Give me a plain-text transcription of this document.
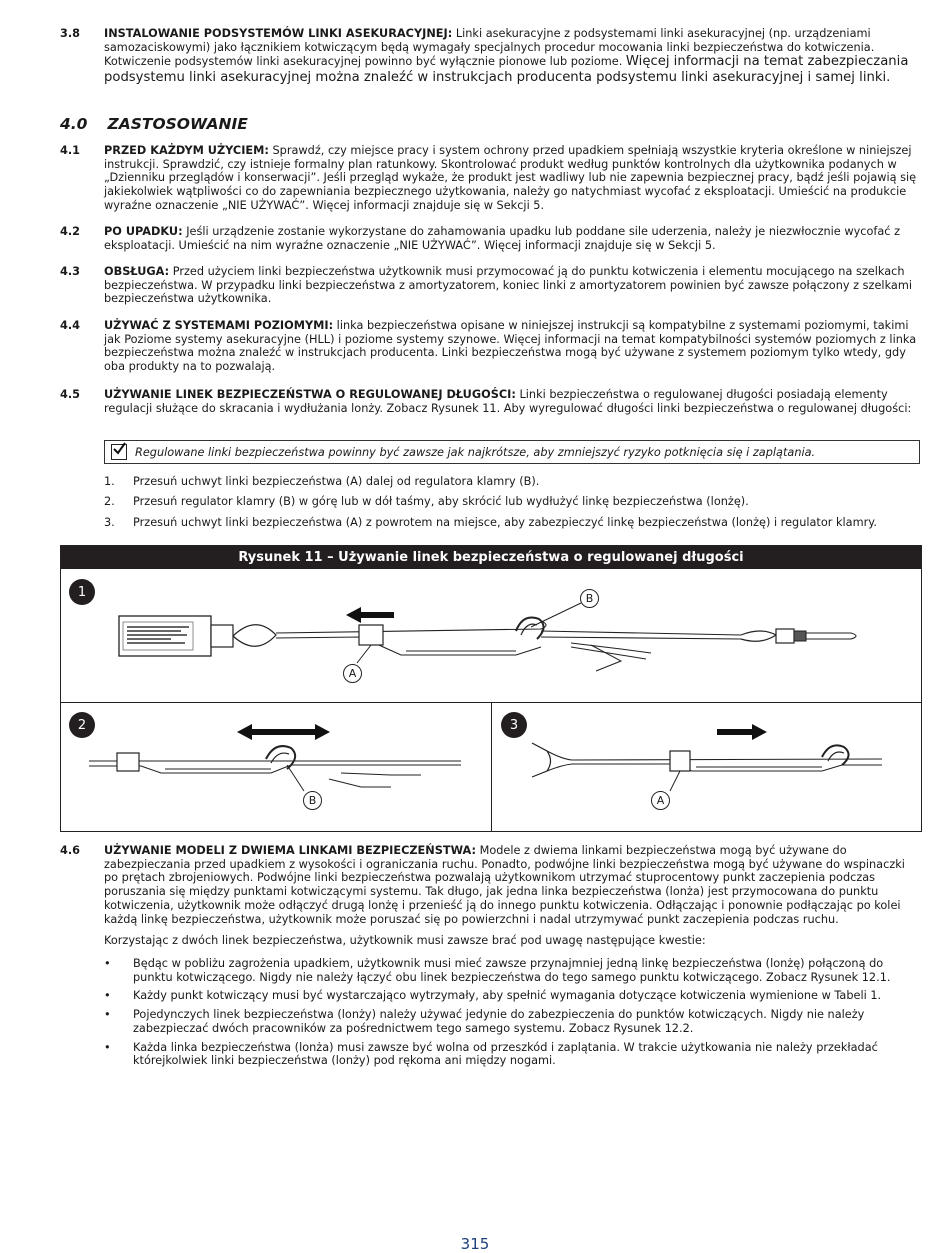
3.8 INSTALOWANIE PODSYSTEMÓW LINKI ASEKURACYJNEJ: Linki asekuracyjne z podsystemami linki asekuracyjnej (np. urządzeniami samozaciskowymi) jako łącznikiem kotwiczącym będą wymagały specjalnych procedur mocowania linki bezpieczeństwa do kotwiczenia. Kotwiczenie podsystemów linki asekuracyjnej powinno być wyłącznie pionowe lub poziome. Więcej informacji na temat zabezpieczania podsystemu linki asekuracyjnej można znaleźć w instrukcjach producenta podsystemu linki asekuracyjnej i samej linki.
4.0 ZASTOSOWANIE
4.1 PRZED KAŻDYM UŻYCIEM: Sprawdź, czy miejsce pracy i system ochrony przed upadkiem spełniają wszystkie kryteria określone w niniejszej instrukcji. Sprawdzić, czy istnieje formalny plan ratunkowy. Skontrolować produkt według punktów kontrolnych dla użytkownika podanych w „Dzienniku przeglądów i konserwacji”. Jeśli przegląd wykaże, że produkt jest wadliwy lub nie zapewnia bezpiecznej pracy, bądź jeśli pojawią się jakiekolwiek wątpliwości co do zapewniania bezpiecznego użytkowania, należy go natychmiast wycofać z eksploatacji. Umieścić na produkcie wyraźne oznaczenie „NIE UŻYWAĆ”. Więcej informacji znajduje się w Sekcji 5.
4.2 PO UPADKU: Jeśli urządzenie zostanie wykorzystane do zahamowania upadku lub poddane sile uderzenia, należy je niezwłocznie wycofać z eksploatacji. Umieścić na nim wyraźne oznaczenie „NIE UŻYWAĆ”. Więcej informacji znajduje się w Sekcji 5.
4.3 OBSŁUGA: Przed użyciem linki bezpieczeństwa użytkownik musi przymocować ją do punktu kotwiczenia i elementu mocującego na szelkach bezpieczeństwa. W przypadku linki bezpieczeństwa z amortyzatorem, koniec linki z amortyzatorem powinien być zawsze połączony z szelkami bezpieczeństwa użytkownika.
4.4 UŻYWAĆ Z SYSTEMAMI POZIOMYMI: linka bezpieczeństwa opisane w niniejszej instrukcji są kompatybilne z systemami poziomymi, takimi jak Poziome systemy asekuracyjne (HLL) i poziome systemy szynowe. Więcej informacji na temat kompatybilności systemów poziomych z linka bezpieczeństwa można znaleźć w instrukcjach producenta. Linki bezpieczeństwa mogą być używane z systemem poziomym tylko wtedy, gdy oba produkty na to pozwalają.
4.5 UŻYWANIE LINEK BEZPIECZEŃSTWA O REGULOWANEJ DŁUGOŚCI: Linki bezpieczeństwa o regulowanej długości posiadają elementy regulacji służące do skracania i wydłużania lonży. Zobacz Rysunek 11. Aby wyregulować długości linki bezpieczeństwa o regulowanej długości:
Regulowane linki bezpieczeństwa powinny być zawsze jak najkrótsze, aby zmniejszyć ryzyko potknięcia się i zaplątania.
1.	Przesuń uchwyt linki bezpieczeństwa (A) dalej od regulatora klamry (B).
2.	Przesuń regulator klamry (B) w górę lub w dół taśmy, aby skrócić lub wydłużyć linkę bezpieczeństwa (lonżę).
3.	Przesuń uchwyt linki bezpieczeństwa (A) z powrotem na miejsce, aby zabezpieczyć linkę bezpieczeństwa (lonżę) i regulator klamry.
Rysunek 11 – Używanie linek bezpieczeństwa o regulowanej długości
1
A
B
2
B
3
A
4.6 UŻYWANIE MODELI Z DWIEMA LINKAMI BEZPIECZEŃSTWA: Modele z dwiema linkami bezpieczeństwa mogą być używane do zabezpieczania przed upadkiem z wysokości i ograniczania ruchu. Ponadto, podwójne linki bezpieczeństwa mogą być używane do wspinaczki po prętach zbrojeniowych. Podwójne linki bezpieczeństwa pozwalają użytkownikom utrzymać stuprocentowy punkt zaczepienia podczas poruszania się między punktami kotwiczącymi systemu. Tak długo, jak jedna linka bezpieczeństwa (lonża) jest przymocowana do punktu kotwiczenia, użytkownik może odłączyć drugą lonżę i przenieść ją do innego punktu kotwiczenia. Odłączając i ponownie podłączając po kolei każdą linkę bezpieczeństwa, użytkownik może poruszać się po powierzchni i nadal utrzymywać punkt zaczepienia podczas ruchu.
Korzystając z dwóch linek bezpieczeństwa, użytkownik musi zawsze brać pod uwagę następujące kwestie:
•	Będąc w pobliżu zagrożenia upadkiem, użytkownik musi mieć zawsze przynajmniej jedną linkę bezpieczeństwa (lonżę) połączoną do punktu kotwiczącego. Nigdy nie należy łączyć obu linek bezpieczeństwa do tego samego punktu kotwiczącego. Zobacz Rysunek 12.1.
•	Każdy punkt kotwiczący musi być wystarczająco wytrzymały, aby spełnić wymagania dotyczące kotwiczenia wymienione w Tabeli 1.
•	Pojedynczych linek bezpieczeństwa (lonży) należy używać jedynie do zabezpieczenia do punktów kotwiczących. Nigdy nie należy zabezpieczać dwóch pracowników za pośrednictwem tego samego systemu. Zobacz Rysunek 12.2.
•	Każda linka bezpieczeństwa (lonża) musi zawsze być wolna od przeszkód i zaplątania. W trakcie użytkowania nie należy przekładać którejkolwiek linki bezpieczeństwa (lonży) pod rękoma ani między nogami.
315
